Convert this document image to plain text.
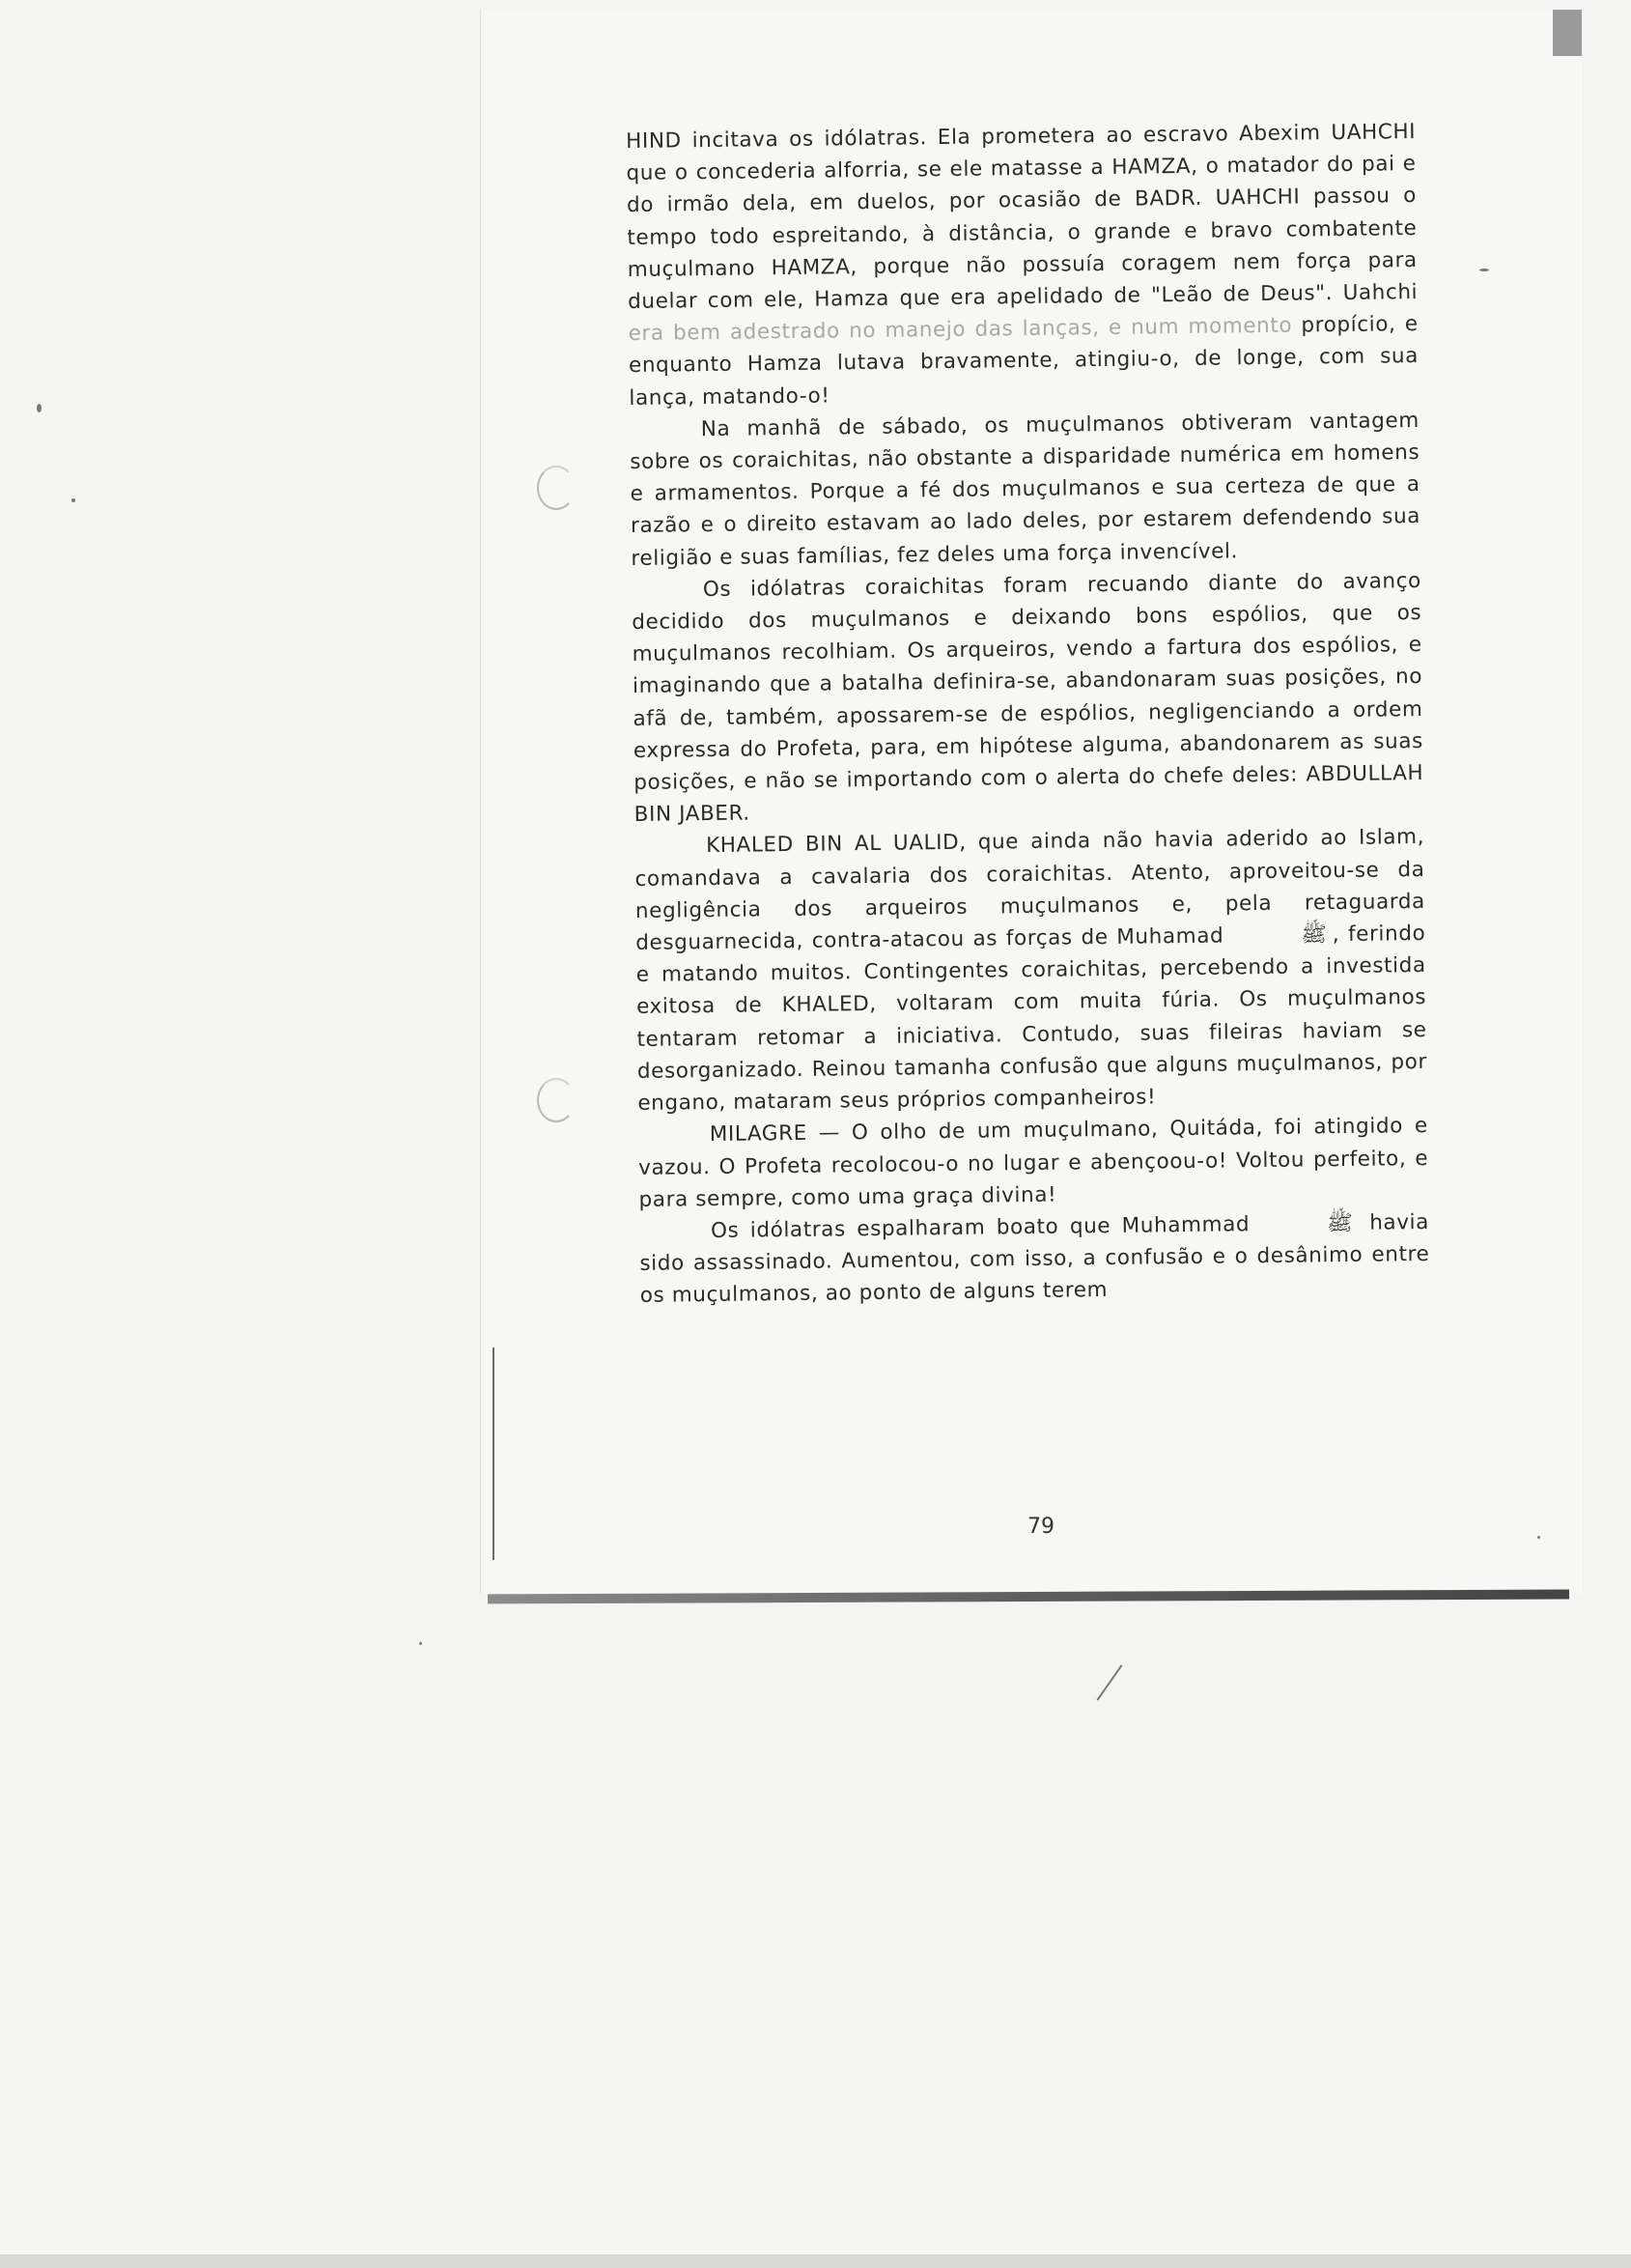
HIND incitava os idólatras. Ela prometera ao escravo Abexim UAHCHI que o concederia alforria, se ele matasse a HAMZA, o matador do pai e do irmão dela, em duelos, por ocasião de BADR. UAHCHI passou o tempo todo espreitando, à distância, o grande e bravo combatente muçulmano HAMZA, porque não possuía coragem nem força para duelar com ele, Hamza que era apelidado de "Leão de Deus". Uahchi era bem adestrado no manejo das lanças, e num momento propício, e enquanto Hamza lutava bravamente, atingiu-o, de longe, com sua lança, matando-o!

Na manhã de sábado, os muçulmanos obtiveram vantagem sobre os coraichitas, não obstante a disparidade numérica em homens e armamentos. Porque a fé dos muçulmanos e sua certeza de que a razão e o direito estavam ao lado deles, por estarem defendendo sua religião e suas famílias, fez deles uma força invencível.

Os idólatras coraichitas foram recuando diante do avanço decidido dos muçulmanos e deixando bons espólios, que os muçulmanos recolhiam. Os arqueiros, vendo a fartura dos espólios, e imaginando que a batalha definira-se, abandonaram suas posições, no afã de, também, apossarem-se de espólios, negligenciando a ordem expressa do Profeta, para, em hipótese alguma, abandonarem as suas posições, e não se importando com o alerta do chefe deles: ABDULLAH BIN JABER.

KHALED BIN AL UALID, que ainda não havia aderido ao Islam, comandava a cavalaria dos coraichitas. Atento, aproveitou-se da negligência dos arqueiros muçulmanos e, pela retaguarda desguarnecida, contra-atacou as forças de Muhamad	ﷺ , ferindo e matando muitos. Contingentes coraichitas, percebendo a investida exitosa de KHALED, voltaram com muita fúria. Os muçulmanos tentaram retomar a iniciativa. Contudo, suas fileiras haviam se desorganizado. Reinou tamanha confusão que alguns muçulmanos, por engano, mataram seus próprios companheiros!

MILAGRE — O olho de um muçulmano, Quitáda, foi atingido e vazou. O Profeta recolocou-o no lugar e abençoou-o! Voltou perfeito, e para sempre, como uma graça divina!

Os idólatras espalharam boato que Muhammad	ﷺ havia sido assassinado. Aumentou, com isso, a confusão e o desânimo entre os muçulmanos, ao ponto de alguns terem

79
